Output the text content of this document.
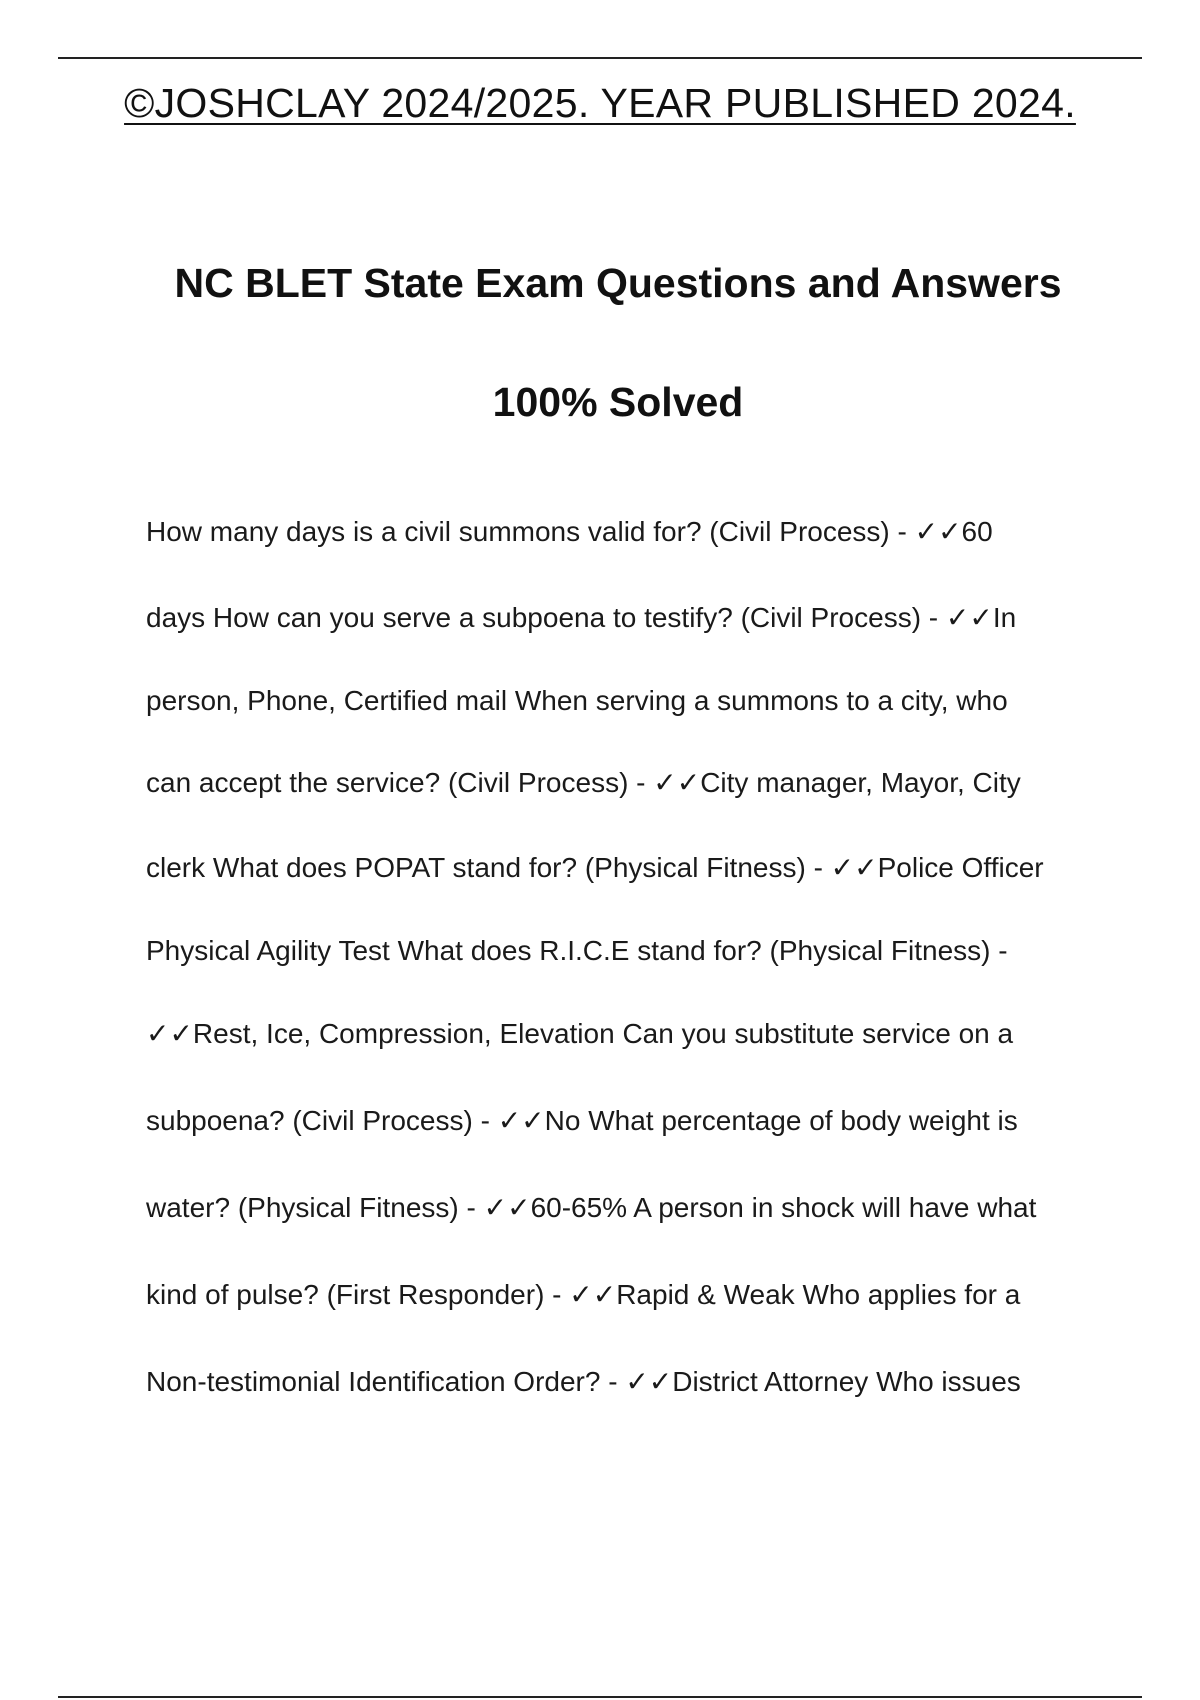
©JOSHCLAY 2024/2025. YEAR PUBLISHED 2024.
NC BLET State Exam Questions and Answers
100% Solved
How many days is a civil summons valid for? (Civil Process) - ✓✓60
days How can you serve a subpoena to testify? (Civil Process) - ✓✓In
person, Phone, Certified mail When serving a summons to a city, who
can accept the service? (Civil Process) - ✓✓City manager, Mayor, City
clerk What does POPAT stand for? (Physical Fitness) - ✓✓Police Officer
Physical Agility Test What does R.I.C.E stand for? (Physical Fitness) -
✓✓Rest, Ice, Compression, Elevation Can you substitute service on a
subpoena? (Civil Process) - ✓✓No What percentage of body weight is
water? (Physical Fitness) - ✓✓60-65% A person in shock will have what
kind of pulse? (First Responder) - ✓✓Rapid & Weak Who applies for a
Non-testimonial Identification Order? - ✓✓District Attorney Who issues
